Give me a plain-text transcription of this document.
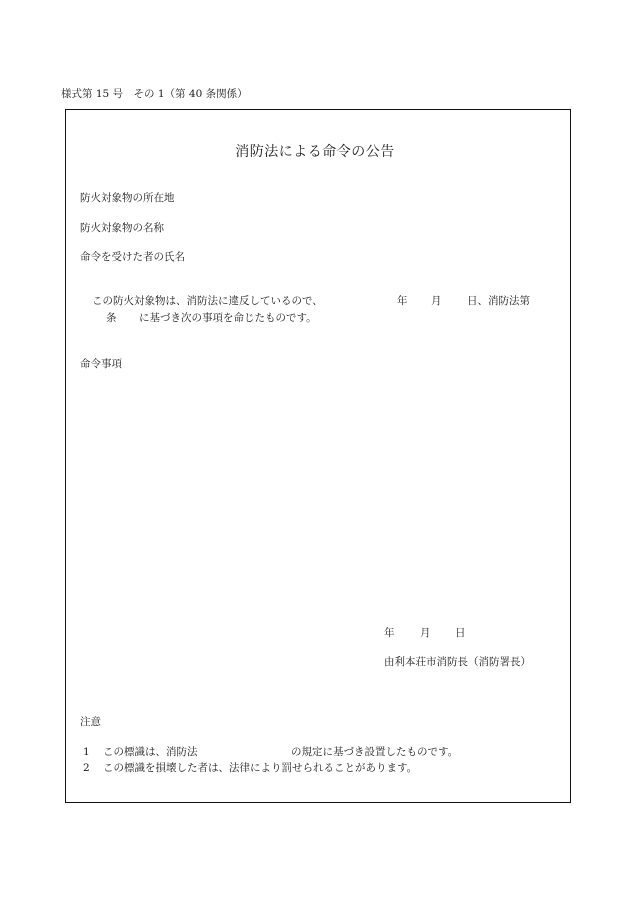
様式第 15 号　その 1（第 40 条関係）
消防法による命令の公告
防火対象物の所在地
防火対象物の名称
命令を受けた者の氏名
この防火対象物は、消防法に違反しているので、	年 月 日、消防法第
条 に基づき次の事項を命じたものです。
命令事項
年 月 日
由利本荘市消防長（消防署長）
注意
1 この標識は、消防法	の規定に基づき設置したものです。
2 この標識を損壊した者は、法律により罰せられることがあります。
